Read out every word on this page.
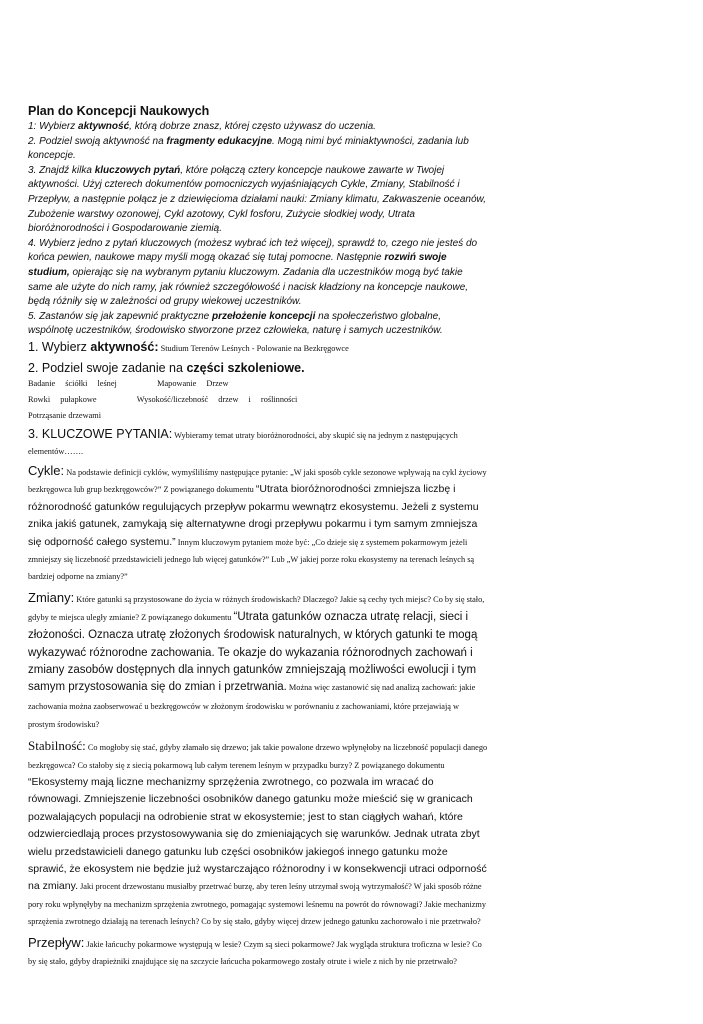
Plan do Koncepcji Naukowych

1: Wybierz aktywność, którą dobrze znasz, której często używasz do uczenia.

2. Podziel swoją aktywność na fragmenty edukacyjne. Mogą nimi być miniaktywności, zadania lub koncepcje.

3. Znajdź kilka kluczowych pytań, które połączą cztery koncepcje naukowe zawarte w Twojej aktywności. Użyj czterech dokumentów pomocniczych wyjaśniających Cykle, Zmiany, Stabilność i Przepływ, a następnie połącz je z dziewięcioma działami nauki: Zmiany klimatu, Zakwaszenie oceanów, Zubożenie warstwy ozonowej, Cykl azotowy, Cykl fosforu, Zużycie słodkiej wody, Utrata bioróżnorodności i Gospodarowanie ziemią.

4. Wybierz jedno z pytań kluczowych (możesz wybrać ich też więcej), sprawdź to, czego nie jesteś do końca pewien, naukowe mapy myśli mogą okazać się tutaj pomocne. Następnie rozwiń swoje studium, opierając się na wybranym pytaniu kluczowym. Zadania dla uczestników mogą być takie same ale użyte do nich ramy, jak również szczegółowość i nacisk kładziony na koncepcje naukowe, będą różniły się w zależności od grupy wiekowej uczestników.

5. Zastanów się jak zapewnić praktyczne przełożenie koncepcji na społeczeństwo globalne, wspólnotę uczestników, środowisko stworzone przez człowieka, naturę i samych uczestników.

1. Wybierz aktywność: Studium Terenów Leśnych - Polowanie na Bezkręgowce
2. Podziel swoje zadanie na części szkoleniowe.
Badanie ściółki leśnej    Mapowanie Drzew
Rowki pułapkowe    Wysokość/liczebność drzew i roślinności
Potrząsanie drzewami

3. KLUCZOWE PYTANIA: Wybieramy temat utraty bioróżnorodności, aby skupić się na jednym z następujących elementów…….

Cykle: Na podstawie definicji cyklów, wymyśliliśmy następujące pytanie: „W jaki sposób cykle sezonowe wpływają na cykl życiowy bezkręgowca lub grup bezkręgowców?” Z powiązanego dokumentu “Utrata bioróżnorodności zmniejsza liczbę i różnorodność gatunków regulujących przepływ pokarmu wewnątrz ekosystemu. Jeżeli z systemu znika jakiś gatunek, zamykają się alternatywne drogi przepływu pokarmu i tym samym zmniejsza się odporność całego systemu.” Innym kluczowym pytaniem może być: „Co dzieje się z systemem pokarmowym jeżeli zmniejszy się liczebność przedstawicieli jednego lub więcej gatunków?” Lub „W jakiej porze roku ekosystemy na terenach leśnych są bardziej odporne na zmiany?”

Zmiany: Które gatunki są przystosowane do życia w różnych środowiskach? Dlaczego? Jakie są cechy tych miejsc? Co by się stało, gdyby te miejsca uległy zmianie? Z powiązanego dokumentu “Utrata gatunków oznacza utratę relacji, sieci i złożoności. Oznacza utratę złożonych środowisk naturalnych, w których gatunki te mogą wykazywać różnorodne zachowania. Te okazje do wykazania różnorodnych zachowań i zmiany zasobów dostępnych dla innych gatunków zmniejszają możliwości ewolucji i tym samym przystosowania się do zmian i przetrwania. Można więc zastanowić się nad analizą zachowań: jakie zachowania można zaobserwować u bezkręgowców w złożonym środowisku w porównaniu z zachowaniami, które przejawiają w prostym środowisku?

Stabilność: Co mogłoby się stać, gdyby złamało się drzewo; jak takie powalone drzewo wpłynęłoby na liczebność populacji danego bezkręgowca? Co stałoby się z siecią pokarmową lub całym terenem leśnym w przypadku burzy? Z powiązanego dokumentu “Ekosystemy mają liczne mechanizmy sprzężenia zwrotnego, co pozwala im wracać do równowagi. Zmniejszenie liczebności osobników danego gatunku może mieścić się w granicach pozwalających populacji na odrobienie strat w ekosystemie; jest to stan ciągłych wahań, które odzwierciedlają proces przystosowywania się do zmieniających się warunków. Jednak utrata zbyt wielu przedstawicieli danego gatunku lub części osobników jakiegoś innego gatunku może sprawić, że ekosystem nie będzie już wystarczająco różnorodny i w konsekwencji utraci odporność na zmiany. Jaki procent drzewostanu musiałby przetrwać burzę, aby teren leśny utrzymał swoją wytrzymałość? W jaki sposób różne pory roku wpłynęłyby na mechanizm sprzężenia zwrotnego, pomagając systemowi leśnemu na powrót do równowagi? Jakie mechanizmy sprzężenia zwrotnego działają na terenach leśnych? Co by się stało, gdyby więcej drzew jednego gatunku zachorowało i nie przetrwało?

Przepływ: Jakie łańcuchy pokarmowe występują w lesie? Czym są sieci pokarmowe? Jak wygląda struktura troficzna w lesie? Co by się stało, gdyby drapieżniki znajdujące się na szczycie łańcucha pokarmowego zostały otrute i wiele z nich by nie przetrwało?
